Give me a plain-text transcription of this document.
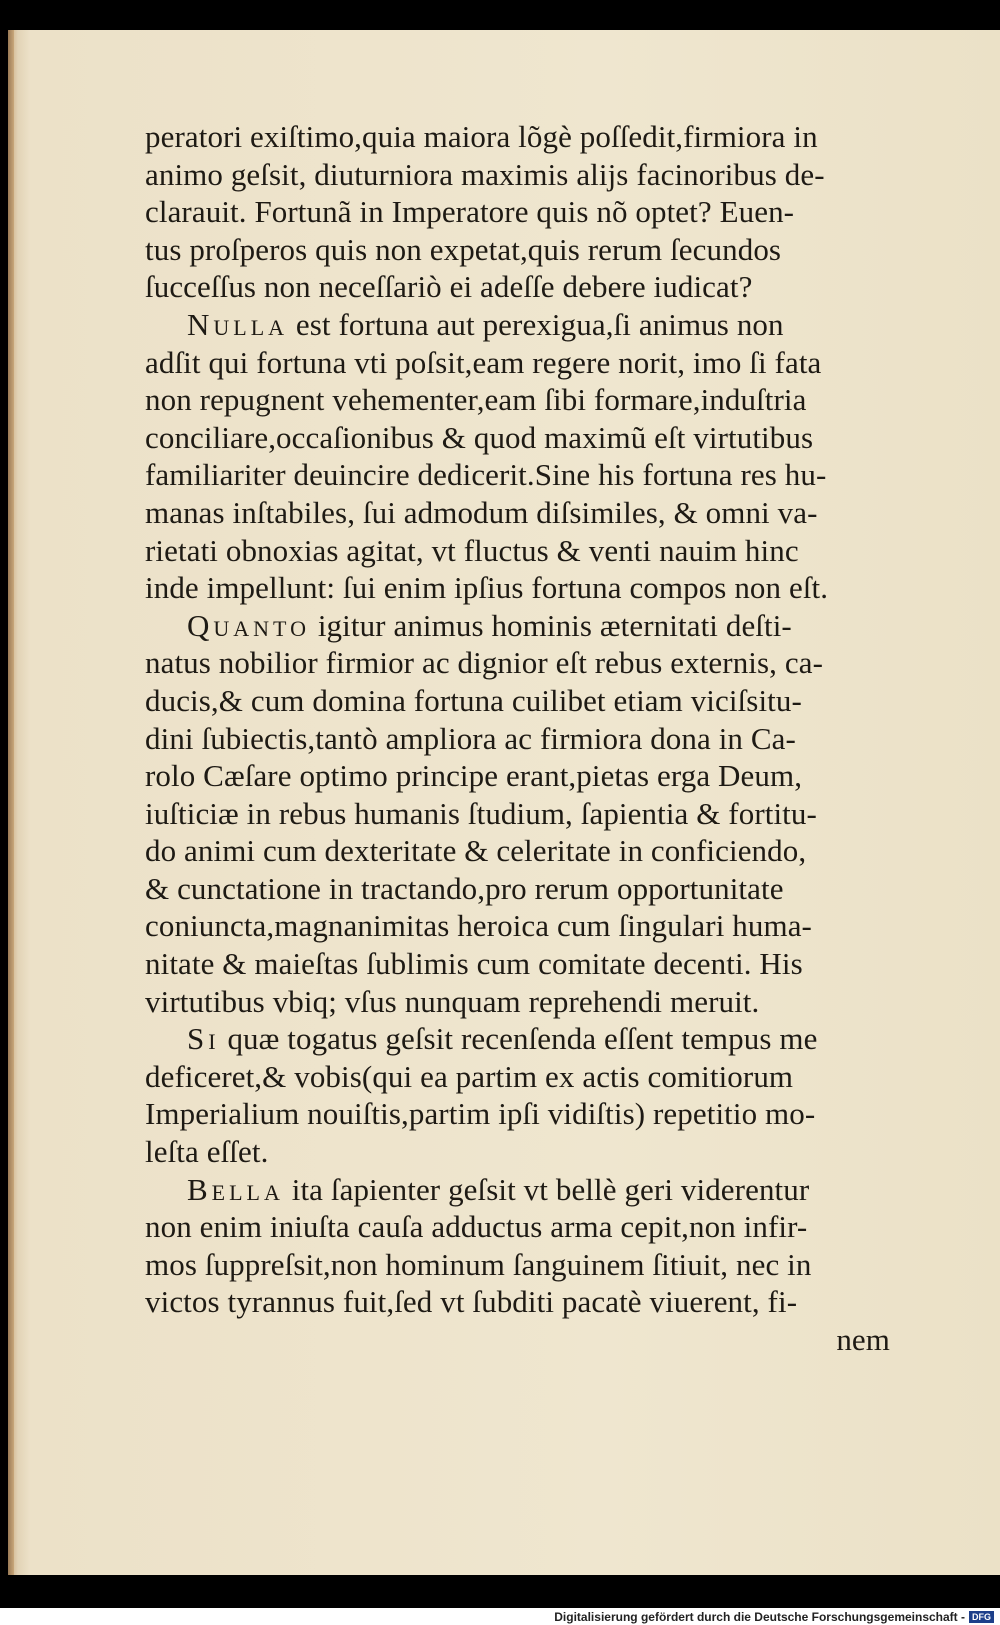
peratori exiſtimo,quia maiora lõgè poſſedit,firmiora in
animo geſsit, diuturniora maximis alijs facinoribus de-
clarauit. Fortunã in Imperatore quis nõ optet? Euen-
tus proſperos quis non expetat,quis rerum ſecundos
ſucceſſus non neceſſariò ei adeſſe debere iudicat?
Nulla est fortuna aut perexigua,ſi animus non
adſit qui fortuna vti poſsit,eam regere norit, imo ſi fata
non repugnent vehementer,eam ſibi formare,induſtria
conciliare,occaſionibus & quod maximũ eſt virtutibus
familiariter deuincire dedicerit.Sine his fortuna res hu-
manas inſtabiles, ſui admodum diſsimiles, & omni va-
rietati obnoxias agitat, vt fluctus & venti nauim hinc
inde impellunt: ſui enim ipſius fortuna compos non eſt.
Quanto igitur animus hominis æternitati deſti-
natus nobilior firmior ac dignior eſt rebus externis, ca-
ducis,& cum domina fortuna cuilibet etiam viciſsitu-
dini ſubiectis,tantò ampliora ac firmiora dona in Ca-
rolo Cæſare optimo principe erant,pietas erga Deum,
iuſticiæ in rebus humanis ſtudium, ſapientia & fortitu-
do animi cum dexteritate & celeritate in conficiendo,
& cunctatione in tractando,pro rerum opportunitate
coniuncta,magnanimitas heroica cum ſingulari huma-
nitate & maieſtas ſublimis cum comitate decenti. His
virtutibus vbiq; vſus nunquam reprehendi meruit.
Si quæ togatus geſsit recenſenda eſſent tempus me
deficeret,& vobis(qui ea partim ex actis comitiorum
Imperialium nouiſtis,partim ipſi vidiſtis) repetitio mo-
leſta eſſet.
Bella ita ſapienter geſsit vt bellè geri viderentur
non enim iniuſta cauſa adductus arma cepit,non infir-
mos ſuppreſsit,non hominum ſanguinem ſitiuit, nec in
victos tyrannus fuit,ſed vt ſubditi pacatè viuerent, fi-
nem
Digitalisierung gefördert durch die Deutsche Forschungsgemeinschaft - DFG
